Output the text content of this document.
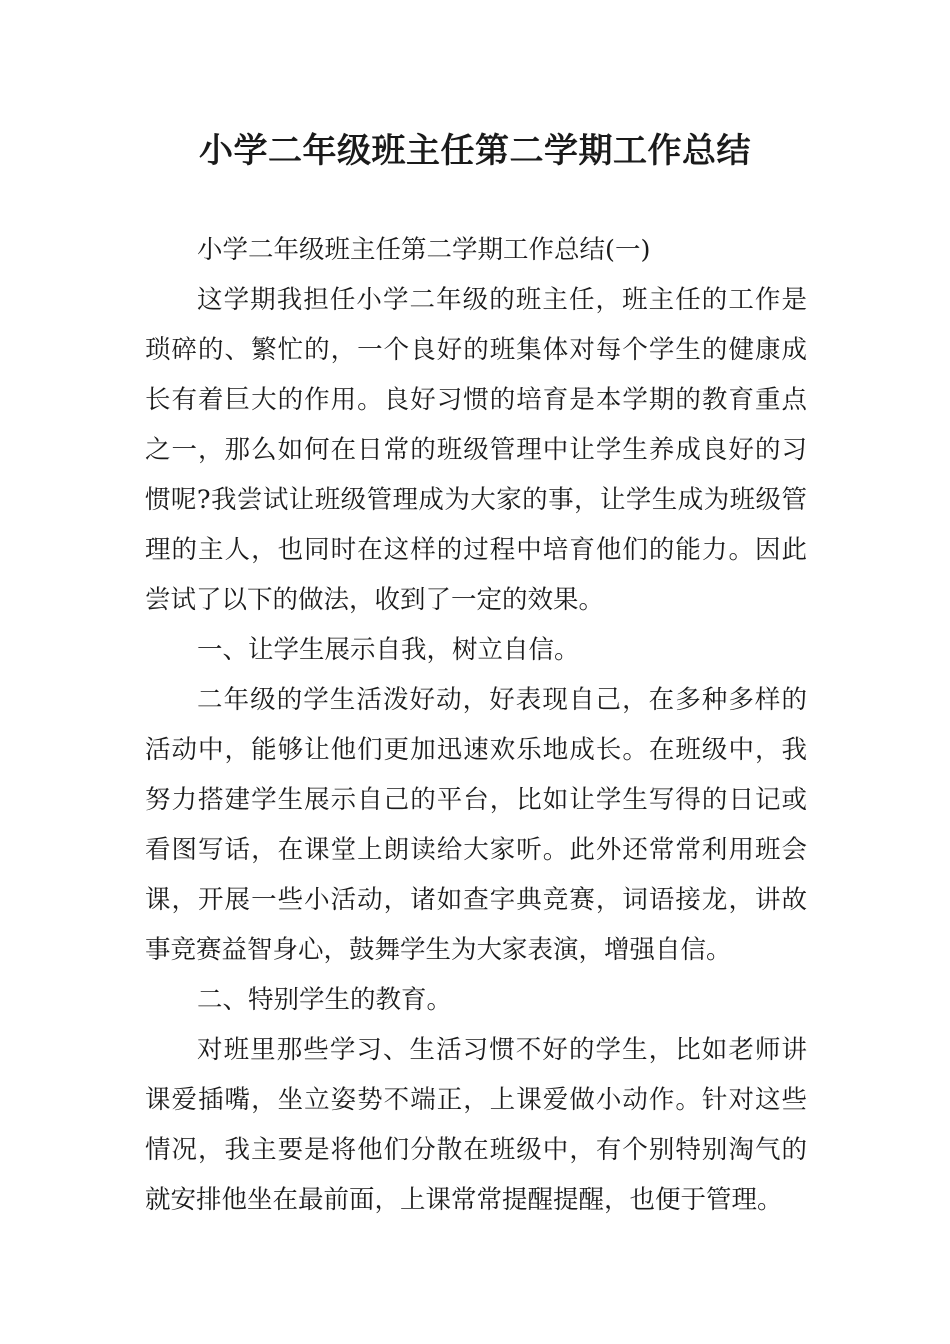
小学二年级班主任第二学期工作总结

小学二年级班主任第二学期工作总结(一)

这学期我担任小学二年级的班主任，班主任的工作是琐碎的、繁忙的，一个良好的班集体对每个学生的健康成长有着巨大的作用。良好习惯的培育是本学期的教育重点之一，那么如何在日常的班级管理中让学生养成良好的习惯呢?我尝试让班级管理成为大家的事，让学生成为班级管理的主人，也同时在这样的过程中培育他们的能力。因此尝试了以下的做法，收到了一定的效果。

一、让学生展示自我，树立自信。

二年级的学生活泼好动，好表现自己，在多种多样的活动中，能够让他们更加迅速欢乐地成长。在班级中，我努力搭建学生展示自己的平台，比如让学生写得的日记或看图写话，在课堂上朗读给大家听。此外还常常利用班会课，开展一些小活动，诸如查字典竞赛，词语接龙，讲故事竞赛益智身心，鼓舞学生为大家表演，增强自信。

二、特别学生的教育。

对班里那些学习、生活习惯不好的学生，比如老师讲课爱插嘴，坐立姿势不端正，上课爱做小动作。针对这些情况，我主要是将他们分散在班级中，有个别特别淘气的就安排他坐在最前面，上课常常提醒提醒，也便于管理。
